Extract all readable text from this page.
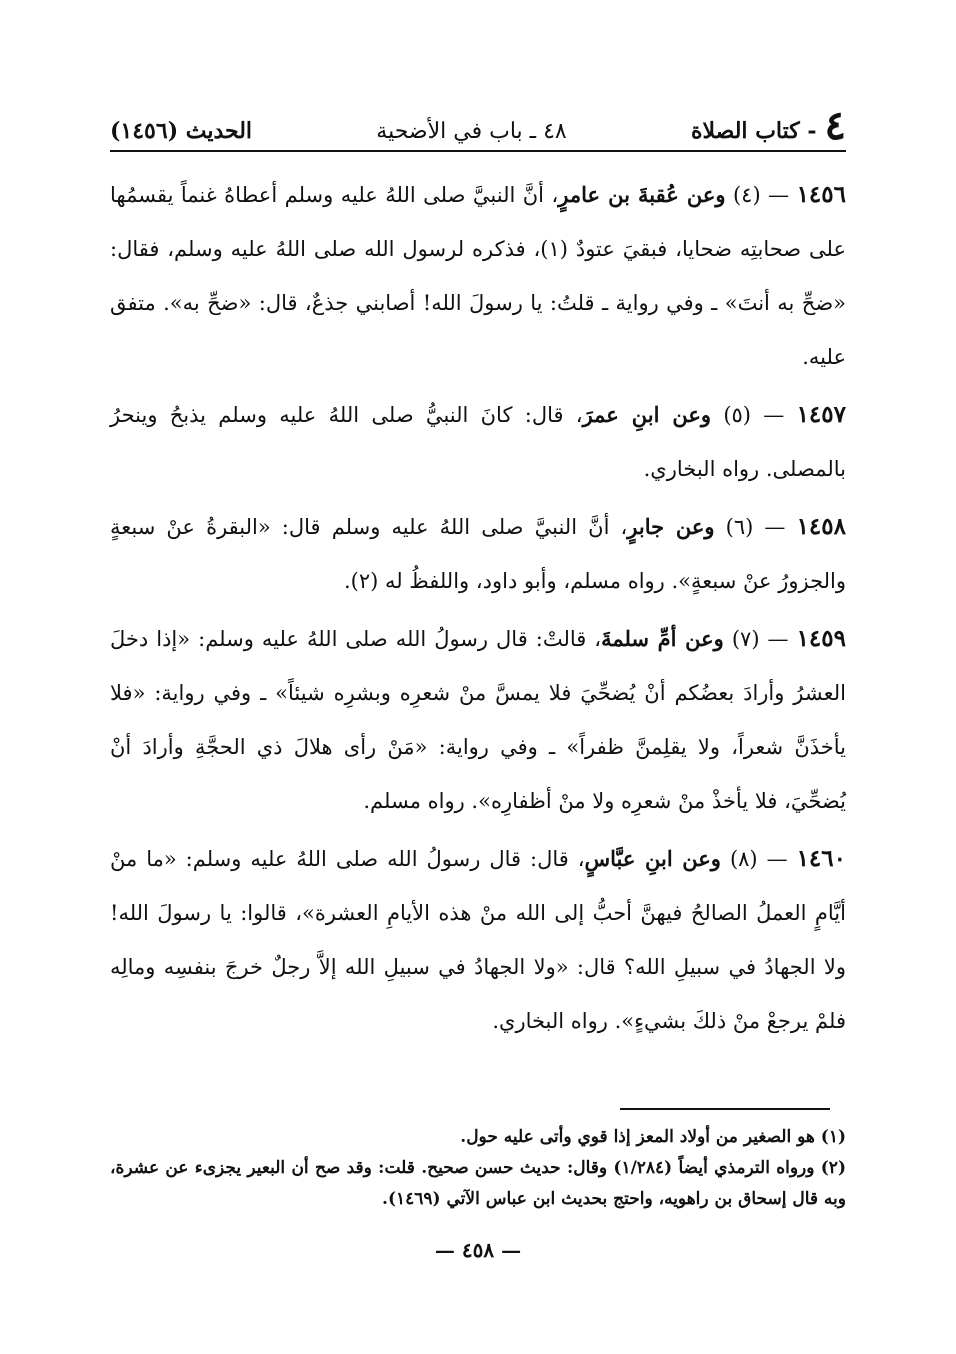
٤
- كتاب الصلاة
٤٨ ـ باب في الأضحية
الحديث (١٤٥٦)

١٤٥٦ — (٤) وعن عُقبةَ بن عامرٍ، أنَّ النبيَّ صلى اللهُ عليه وسلم أعطاهُ غنماً يقسمُها على صحابتِه ضحايا، فبقيَ عتودٌ (١)، فذكره لرسول الله صلى اللهُ عليه وسلم، فقال: «ضحِّ به أنتَ» ـ وفي رواية ـ قلتُ: يا رسولَ الله! أصابني جذعٌ، قال: «ضحِّ به». متفق عليه.

١٤٥٧ — (٥) وعن ابنِ عمرَ، قال: كانَ النبيُّ صلى اللهُ عليه وسلم يذبحُ وينحرُ بالمصلى. رواه البخاري.

١٤٥٨ — (٦) وعن جابرٍ، أنَّ النبيَّ صلى اللهُ عليه وسلم قال: «البقرةُ عنْ سبعةٍ والجزورُ عنْ سبعةٍ». رواه مسلم، وأبو داود، واللفظُ له (٢).

١٤٥٩ — (٧) وعن أمِّ سلمةَ، قالتْ: قال رسولُ الله صلى اللهُ عليه وسلم: «إذا دخلَ العشرُ وأرادَ بعضُكم أنْ يُضحِّيَ فلا يمسَّ منْ شعرِه وبشرِه شيئاً» ـ وفي رواية: «فلا يأخذَنَّ شعراً، ولا يقلِمنَّ ظفراً» ـ وفي رواية: «مَنْ رأى هلالَ ذي الحجَّةِ وأرادَ أنْ يُضحِّيَ، فلا يأخذْ منْ شعرِه ولا منْ أظفارِه». رواه مسلم.

١٤٦٠ — (٨) وعن ابنِ عبَّاسٍ، قال: قال رسولُ الله صلى اللهُ عليه وسلم: «ما منْ أيَّامٍ العملُ الصالحُ فيهنَّ أحبُّ إلى الله منْ هذه الأيامِ العشرة»، قالوا: يا رسولَ الله! ولا الجهادُ في سبيلِ الله؟ قال: «ولا الجهادُ في سبيلِ الله إلاَّ رجلٌ خرجَ بنفسِه ومالِه فلمْ يرجعْ منْ ذلكَ بشيءٍ». رواه البخاري.

(١) هو الصغير من أولاد المعز إذا قوي وأتى عليه حول.

(٢) ورواه الترمذي أيضاً (١/٢٨٤) وقال: حديث حسن صحيح. قلت: وقد صح أن البعير يجزىء عن عشرة، وبه قال إسحاق بن راهويه، واحتج بحديث ابن عباس الآتي (١٤٦٩).

— ٤٥٨ —
